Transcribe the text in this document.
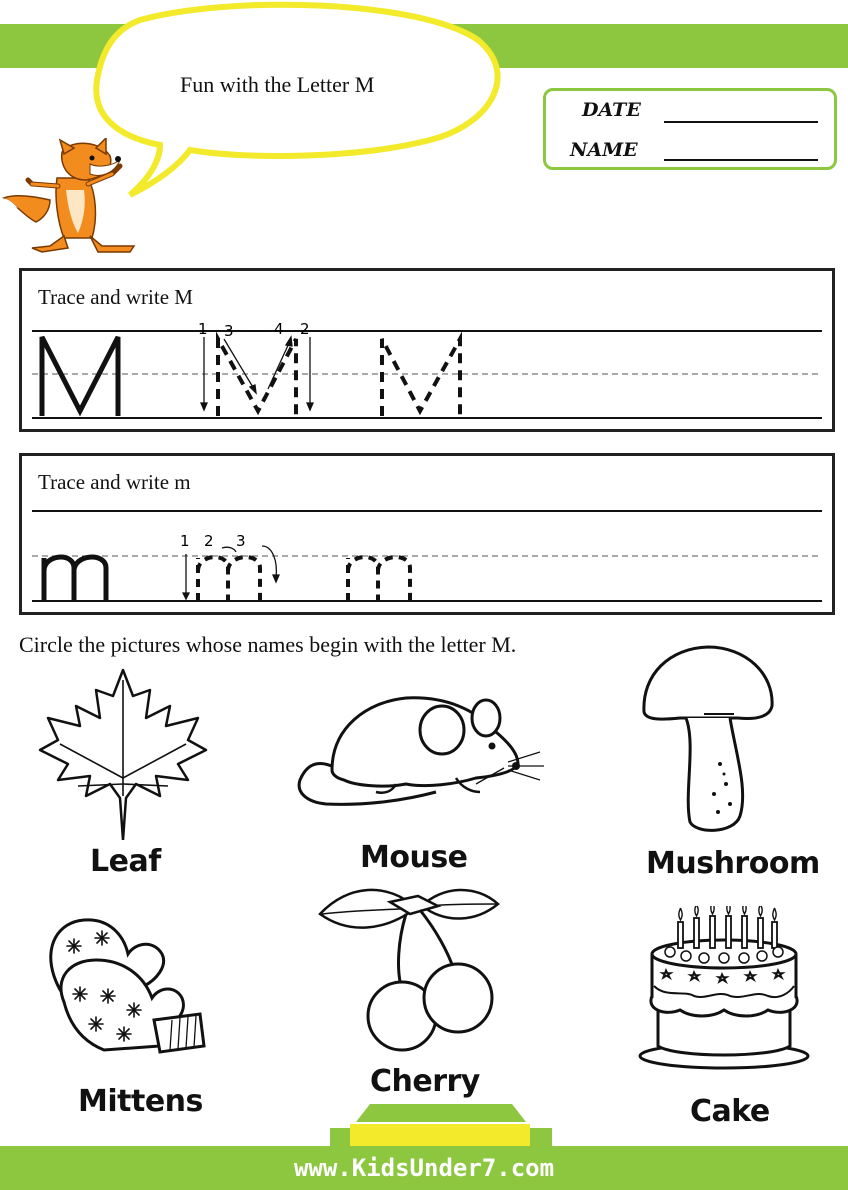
Fun with the Letter M
DATE
NAME
Trace and write M
1 3	4 2
Trace and write m
1 2 3
Circle the pictures whose names begin with the letter M.
Leaf	Mouse	Mushroom
Mittens
Cherry
Cake
www.KidsUnder7.com
